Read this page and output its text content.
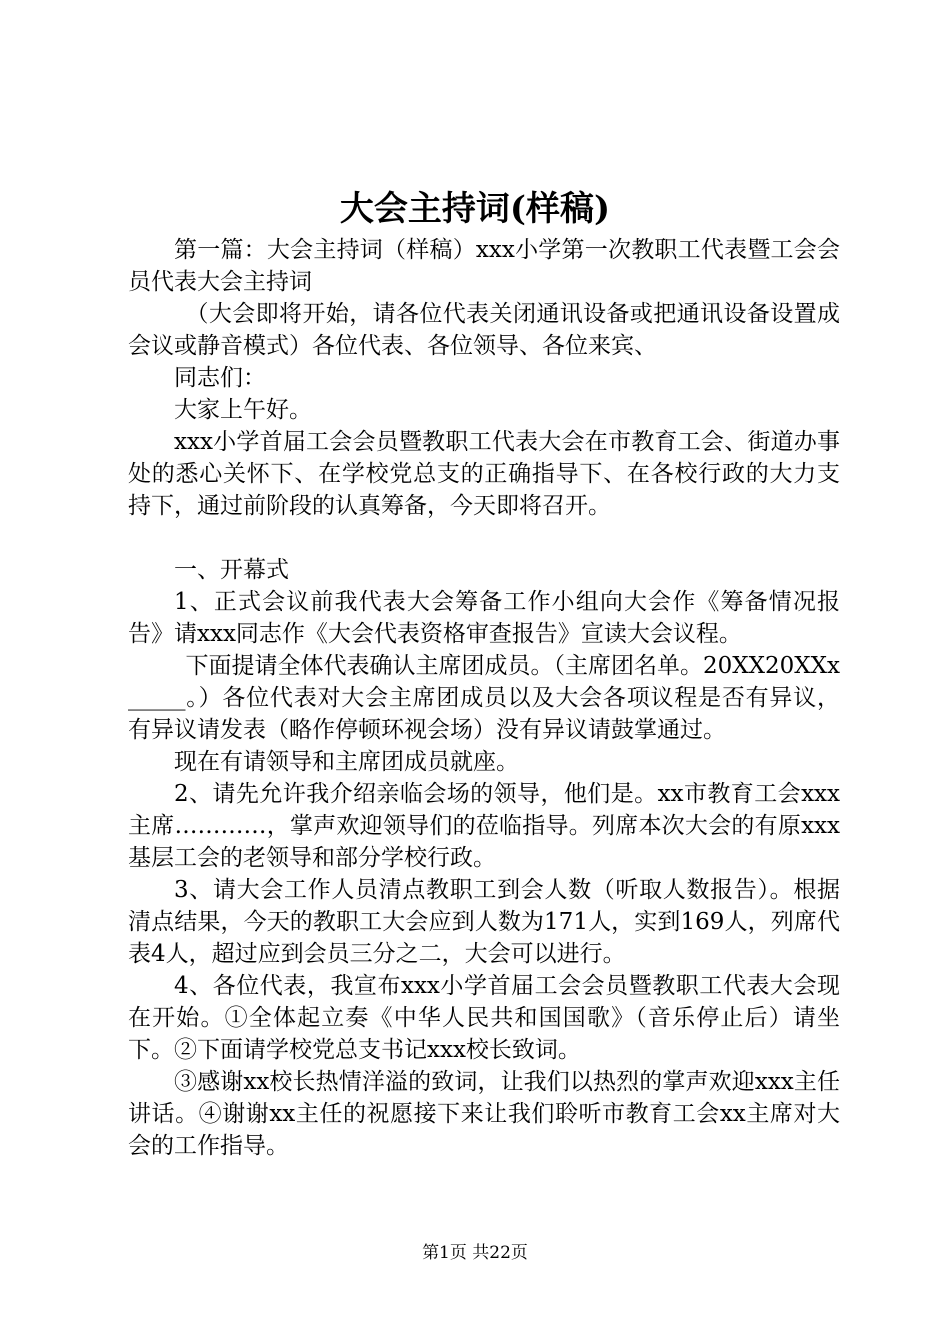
大会主持词(样稿)

第一篇：大会主持词（样稿）xxx小学第一次教职工代表暨工会会员代表大会主持词

（大会即将开始，请各位代表关闭通讯设备或把通讯设备设置成会议或静音模式）各位代表、各位领导、各位来宾、

同志们：

大家上午好。

xxx小学首届工会会员暨教职工代表大会在市教育工会、街道办事处的悉心关怀下、在学校党总支的正确指导下、在各校行政的大力支持下，通过前阶段的认真筹备，今天即将召开。

一、开幕式

1、正式会议前我代表大会筹备工作小组向大会作《筹备情况报告》请xxx同志作《大会代表资格审查报告》宣读大会议程。

下面提请全体代表确认主席团成员。（主席团名单。20XX20XXx_____。）各位代表对大会主席团成员以及大会各项议程是否有异议，有异议请发表（略作停顿环视会场）没有异议请鼓掌通过。

现在有请领导和主席团成员就座。

2、请先允许我介绍亲临会场的领导，他们是。xx市教育工会xxx主席…………，掌声欢迎领导们的莅临指导。列席本次大会的有原xxx基层工会的老领导和部分学校行政。

3、请大会工作人员清点教职工到会人数（听取人数报告）。根据清点结果，今天的教职工大会应到人数为171人，实到169人，列席代表4人，超过应到会员三分之二，大会可以进行。

4、各位代表，我宣布xxx小学首届工会会员暨教职工代表大会现在开始。①全体起立奏《中华人民共和国国歌》（音乐停止后）请坐下。②下面请学校党总支书记xxx校长致词。

③感谢xx校长热情洋溢的致词，让我们以热烈的掌声欢迎xxx主任讲话。④谢谢xx主任的祝愿接下来让我们聆听市教育工会xx主席对大会的工作指导。

第1页 共22页
